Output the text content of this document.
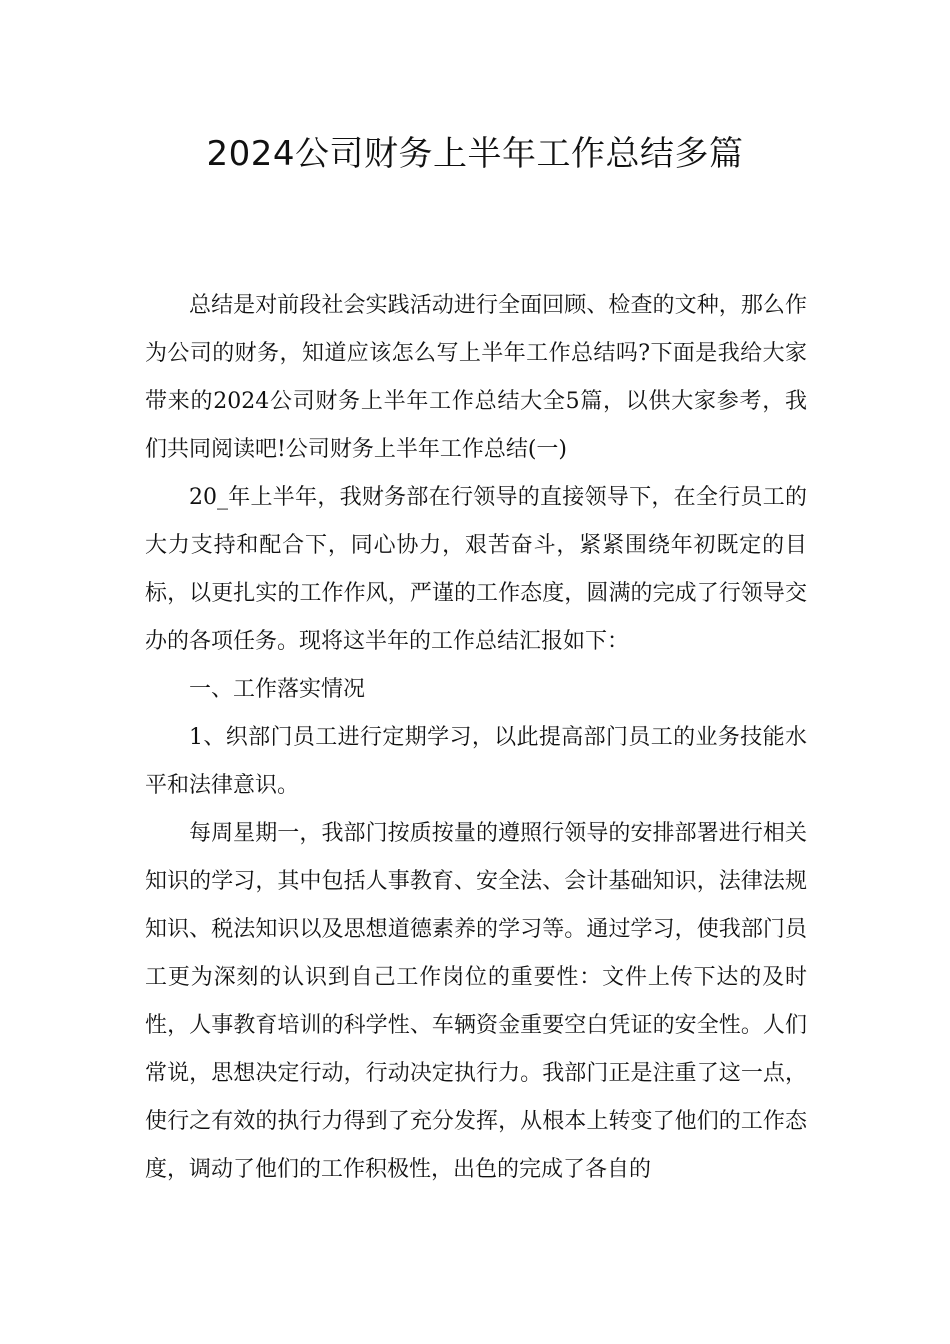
2024公司财务上半年工作总结多篇

总结是对前段社会实践活动进行全面回顾、检查的文种，那么作为公司的财务，知道应该怎么写上半年工作总结吗?下面是我给大家带来的2024公司财务上半年工作总结大全5篇，以供大家参考，我们共同阅读吧!公司财务上半年工作总结(一)

20_年上半年，我财务部在行领导的直接领导下，在全行员工的大力支持和配合下，同心协力，艰苦奋斗，紧紧围绕年初既定的目标，以更扎实的工作作风，严谨的工作态度，圆满的完成了行领导交办的各项任务。现将这半年的工作总结汇报如下：

一、工作落实情况

1、织部门员工进行定期学习，以此提高部门员工的业务技能水平和法律意识。

每周星期一，我部门按质按量的遵照行领导的安排部署进行相关知识的学习，其中包括人事教育、安全法、会计基础知识，法律法规知识、税法知识以及思想道德素养的学习等。通过学习，使我部门员工更为深刻的认识到自己工作岗位的重要性：文件上传下达的及时性，人事教育培训的科学性、车辆资金重要空白凭证的安全性。人们常说，思想决定行动，行动决定执行力。我部门正是注重了这一点，使行之有效的执行力得到了充分发挥，从根本上转变了他们的工作态度，调动了他们的工作积极性，出色的完成了各自的
